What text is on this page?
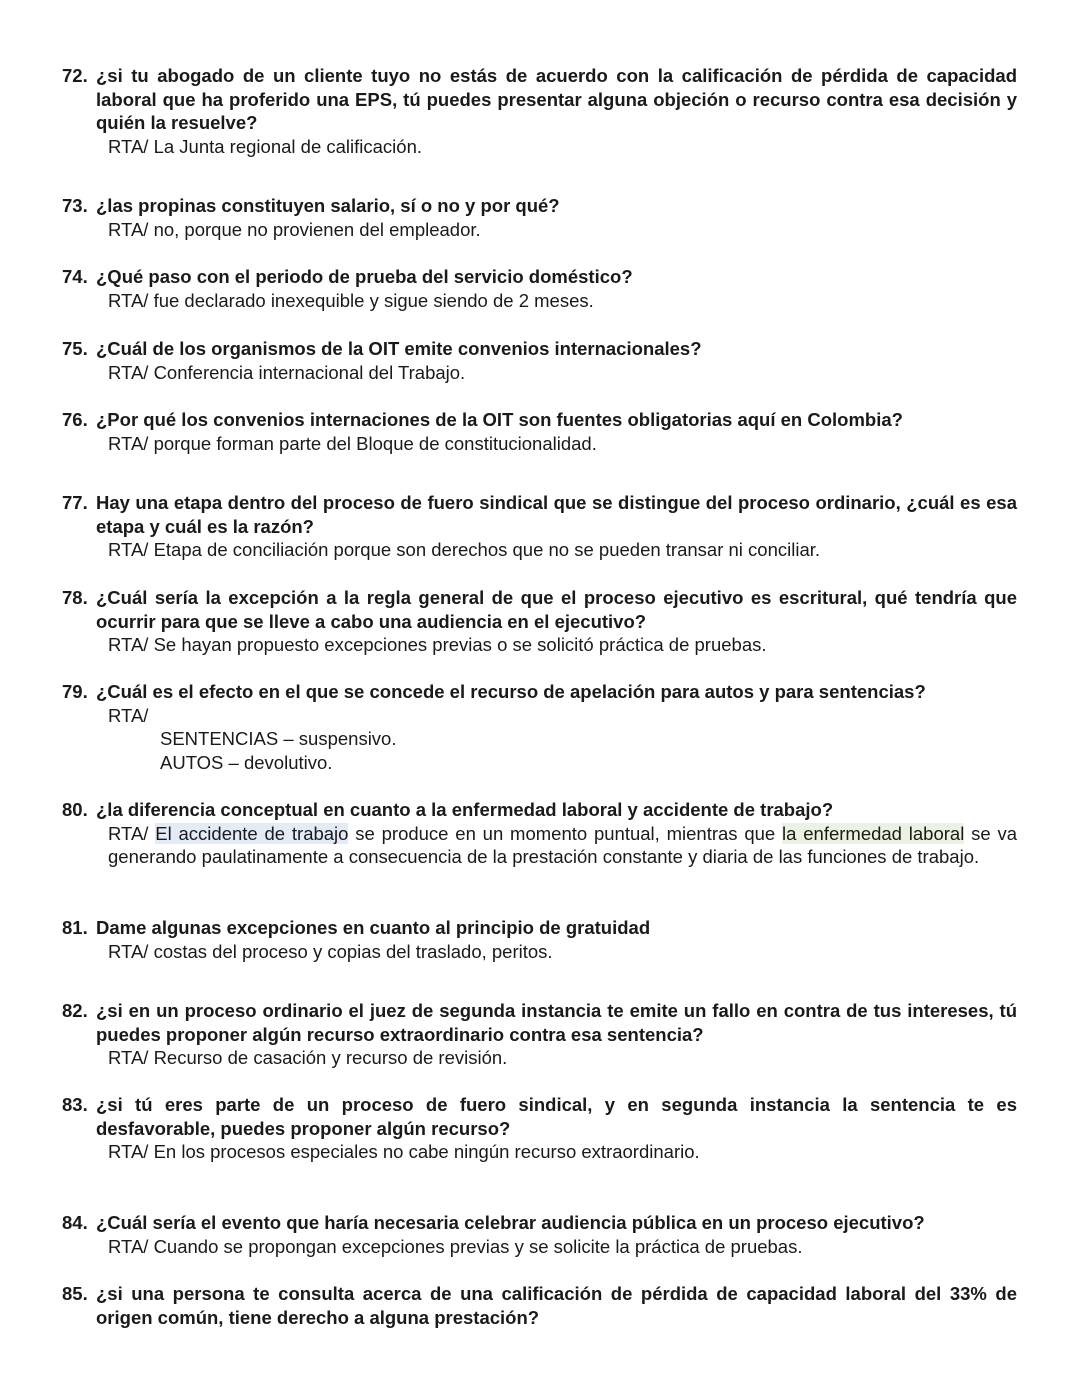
72. ¿si tu abogado de un cliente tuyo no estás de acuerdo con la calificación de pérdida de capacidad laboral que ha proferido una EPS, tú puedes presentar alguna objeción o recurso contra esa decisión y quién la resuelve?
RTA/ La Junta regional de calificación.
73. ¿las propinas constituyen salario, sí o no y por qué?
RTA/ no, porque no provienen del empleador.
74. ¿Qué paso con el periodo de prueba del servicio doméstico?
RTA/ fue declarado inexequible y sigue siendo de 2 meses.
75. ¿Cuál de los organismos de la OIT emite convenios internacionales?
RTA/ Conferencia internacional del Trabajo.
76. ¿Por qué los convenios internaciones de la OIT son fuentes obligatorias aquí en Colombia?
RTA/ porque forman parte del Bloque de constitucionalidad.
77. Hay una etapa dentro del proceso de fuero sindical que se distingue del proceso ordinario, ¿cuál es esa etapa y cuál es la razón?
RTA/ Etapa de conciliación porque son derechos que no se pueden transar ni conciliar.
78. ¿Cuál sería la excepción a la regla general de que el proceso ejecutivo es escritural, qué tendría que ocurrir para que se lleve a cabo una audiencia en el ejecutivo?
RTA/ Se hayan propuesto excepciones previas o se solicitó práctica de pruebas.
79. ¿Cuál es el efecto en el que se concede el recurso de apelación para autos y para sentencias?
RTA/
SENTENCIAS – suspensivo.
AUTOS – devolutivo.
80. ¿la diferencia conceptual en cuanto a la enfermedad laboral y accidente de trabajo?
RTA/ El accidente de trabajo se produce en un momento puntual, mientras que la enfermedad laboral se va generando paulatinamente a consecuencia de la prestación constante y diaria de las funciones de trabajo.
81. Dame algunas excepciones en cuanto al principio de gratuidad
RTA/ costas del proceso y copias del traslado, peritos.
82. ¿si en un proceso ordinario el juez de segunda instancia te emite un fallo en contra de tus intereses, tú puedes proponer algún recurso extraordinario contra esa sentencia?
RTA/ Recurso de casación y recurso de revisión.
83. ¿si tú eres parte de un proceso de fuero sindical, y en segunda instancia la sentencia te es desfavorable, puedes proponer algún recurso?
RTA/ En los procesos especiales no cabe ningún recurso extraordinario.
84. ¿Cuál sería el evento que haría necesaria celebrar audiencia pública en un proceso ejecutivo?
RTA/ Cuando se propongan excepciones previas y se solicite la práctica de pruebas.
85. ¿si una persona te consulta acerca de una calificación de pérdida de capacidad laboral del 33% de origen común, tiene derecho a alguna prestación?
